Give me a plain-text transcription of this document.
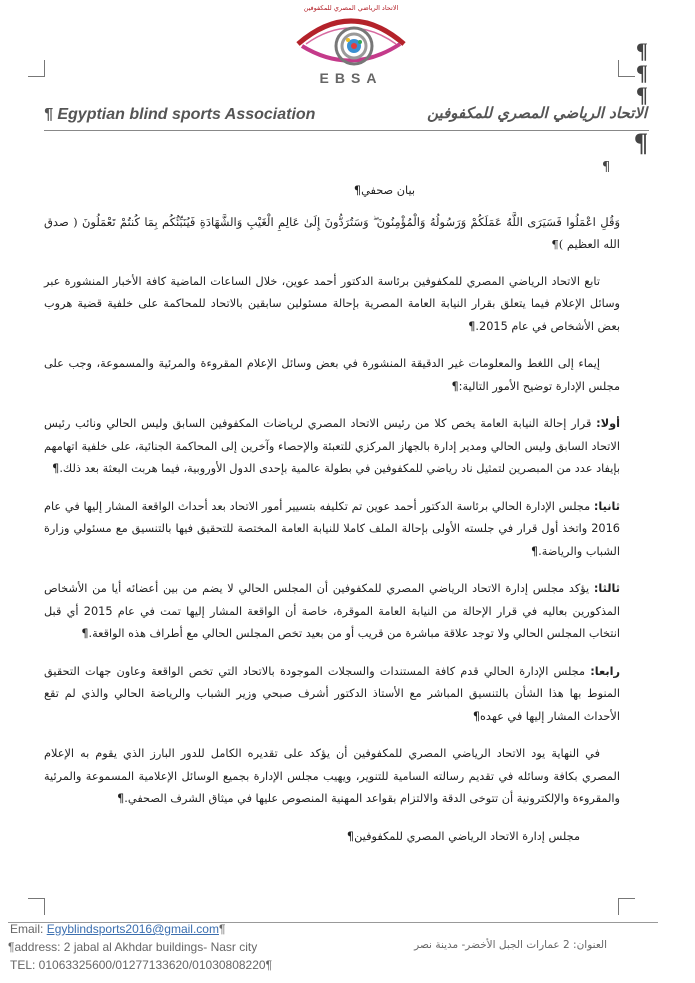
¶
¶
¶
¶
الاتحاد الرياضي المصري للمكفوفين
EBSA
¶ Egyptian blind sports Association	الاتحاد الرياضي المصري للمكفوفين
¶

بيان صحفي¶

وَقُلِ اعْمَلُوا فَسَيَرَى اللَّهُ عَمَلَكُمْ وَرَسُولُهُ وَالْمُؤْمِنُونَ ۖ وَسَتُرَدُّونَ إِلَىٰ عَالِمِ الْغَيْبِ وَالشَّهَادَةِ فَيُنَبِّئُكُم بِمَا كُنتُمْ تَعْمَلُونَ ( صدق الله العظيم )¶

تابع الاتحاد الرياضي المصري للمكفوفين برئاسة الدكتور أحمد عوين، خلال الساعات الماضية كافة الأخبار المنشورة عبر وسائل الإعلام فيما يتعلق بقرار النيابة العامة المصرية بإحالة مسئولين سابقين بالاتحاد للمحاكمة على خلفية قضية هروب بعض الأشخاص في عام 2015.¶

إيماء إلى اللغط والمعلومات غير الدقيقة المنشورة في بعض وسائل الإعلام المقروءة والمرئية والمسموعة، وجب على مجلس الإدارة توضيح الأمور التالية:¶

أولا: قرار إحالة النيابة العامة يخص كلا من رئيس الاتحاد المصري لرياضات المكفوفين السابق وليس الحالي ونائب رئيس الاتحاد السابق وليس الحالي ومدير إدارة بالجهاز المركزي للتعبئة والإحصاء وآخرين إلى المحاكمة الجنائية، على خلفية اتهامهم بإيفاد عدد من المبصرين لتمثيل ناد رياضي للمكفوفين في بطولة عالمية بإحدى الدول الأوروبية، فيما هربت البعثة بعد ذلك.¶

ثانيا: مجلس الإدارة الحالي برئاسة الدكتور أحمد عوين تم تكليفه بتسيير أمور الاتحاد بعد أحداث الواقعة المشار إليها في عام 2016 واتخذ أول قرار في جلسته الأولى بإحالة الملف كاملا للنيابة العامة المختصة للتحقيق فيها بالتنسيق مع مسئولي وزارة الشباب والرياضة.¶

ثالثا: يؤكد مجلس إدارة الاتحاد الرياضي المصري للمكفوفين أن المجلس الحالي لا يضم من بين أعضائه أيا من الأشخاص المذكورين بعاليه في قرار الإحالة من النيابة العامة الموقرة، خاصة أن الواقعة المشار إليها تمت في عام 2015 أي قبل انتخاب المجلس الحالي ولا توجد علاقة مباشرة من قريب أو من بعيد تخص المجلس الحالي مع أطراف هذه الواقعة.¶

رابعا: مجلس الإدارة الحالي قدم كافة المستندات والسجلات الموجودة بالاتحاد التي تخص الواقعة وعاون جهات التحقيق المنوط بها هذا الشأن بالتنسيق المباشر مع الأستاذ الدكتور أشرف صبحي وزير الشباب والرياضة الحالي والذي لم تقع الأحداث المشار إليها في عهده¶

في النهاية يود الاتحاد الرياضي المصري للمكفوفين أن يؤكد على تقديره الكامل للدور البارز الذي يقوم به الإعلام المصري بكافة وسائله في تقديم رسالته السامية للتنوير، ويهيب مجلس الإدارة بجميع الوسائل الإعلامية المسموعة والمرئية والمقروءة والإلكترونية أن تتوخى الدقة والالتزام بقواعد المهنية المنصوص عليها في ميثاق الشرف الصحفي.¶

مجلس إدارة الاتحاد الرياضي المصري للمكفوفين¶

Email: Egyblindsports2016@gmail.com¶
¶address: 2 jabal al Akhdar buildings- Nasr city
TEL: 01063325600/01277133620/01030808220¶
العنوان: 2 عمارات الجبل الأخضر- مدينة نصر
